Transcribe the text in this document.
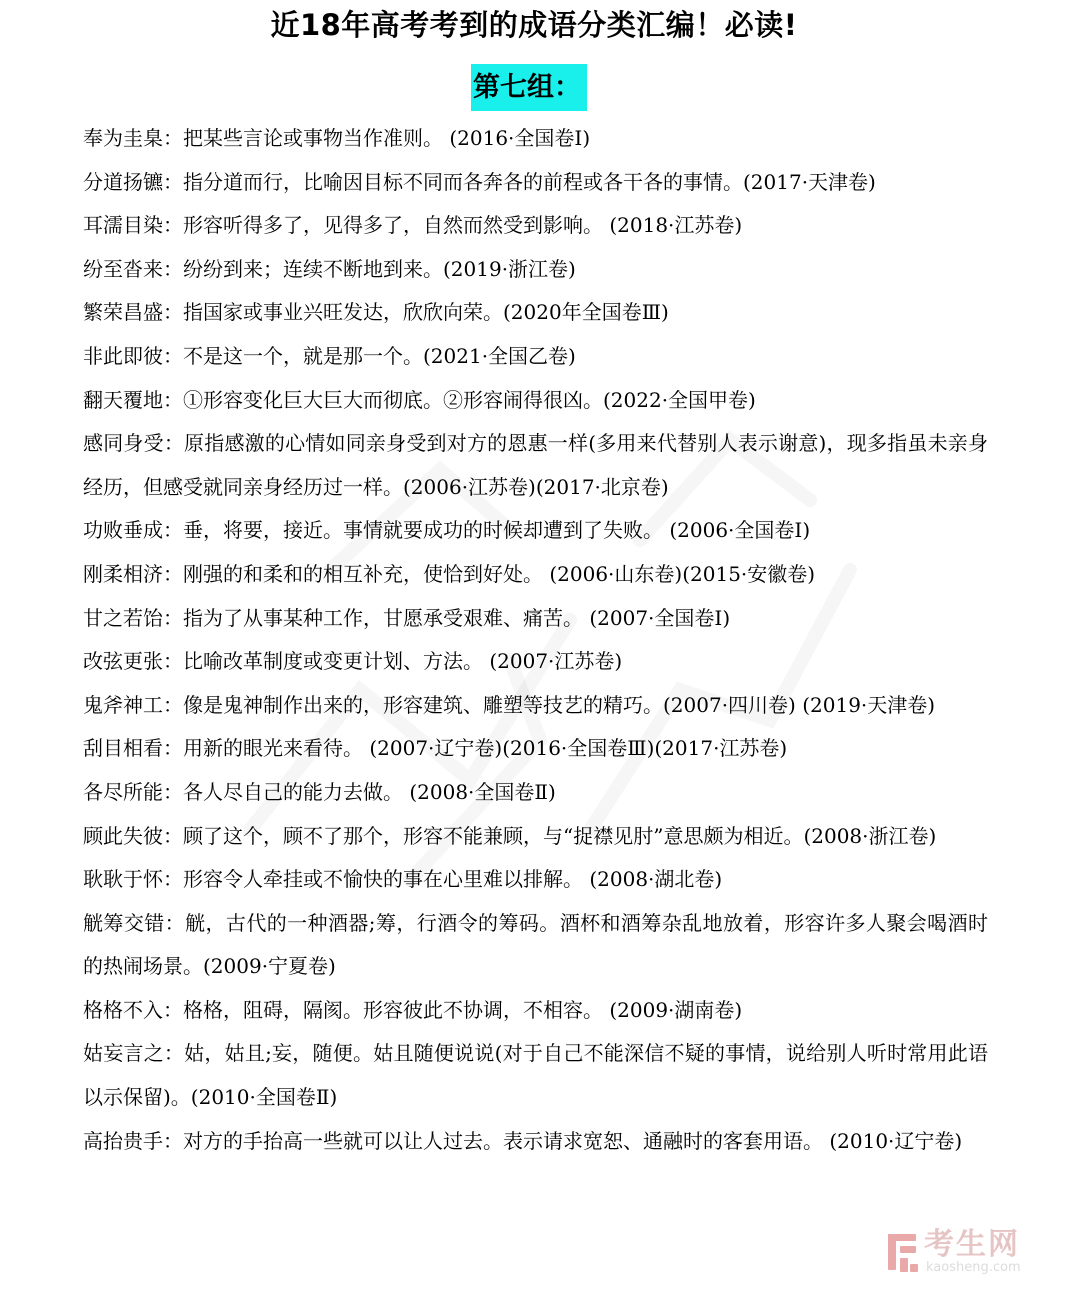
近18年高考考到的成语分类汇编！必读!
第七组：

奉为圭臬：把某些言论或事物当作准则。 (2016·全国卷Ⅰ)

分道扬镳：指分道而行，比喻因目标不同而各奔各的前程或各干各的事情。(2017·天津卷)

耳濡目染：形容听得多了，见得多了，自然而然受到影响。 (2018·江苏卷)

纷至沓来：纷纷到来；连续不断地到来。(2019·浙江卷)

繁荣昌盛：指国家或事业兴旺发达，欣欣向荣。(2020年全国卷Ⅲ)

非此即彼：不是这一个，就是那一个。(2021·全国乙卷)

翻天覆地：①形容变化巨大巨大而彻底。②形容闹得很凶。(2022·全国甲卷)

感同身受：原指感激的心情如同亲身受到对方的恩惠一样(多用来代替别人表示谢意)，现多指虽未亲身经历，但感受就同亲身经历过一样。(2006·江苏卷)(2017·北京卷)

功败垂成：垂，将要，接近。事情就要成功的时候却遭到了失败。 (2006·全国卷Ⅰ)

刚柔相济：刚强的和柔和的相互补充，使恰到好处。 (2006·山东卷)(2015·安徽卷)

甘之若饴：指为了从事某种工作，甘愿承受艰难、痛苦。 (2007·全国卷Ⅰ)

改弦更张：比喻改革制度或变更计划、方法。 (2007·江苏卷)

鬼斧神工：像是鬼神制作出来的，形容建筑、雕塑等技艺的精巧。(2007·四川卷) (2019·天津卷)

刮目相看：用新的眼光来看待。 (2007·辽宁卷)(2016·全国卷Ⅲ)(2017·江苏卷)

各尽所能：各人尽自己的能力去做。 (2008·全国卷Ⅱ)

顾此失彼：顾了这个，顾不了那个，形容不能兼顾，与“捉襟见肘”意思颇为相近。(2008·浙江卷)

耿耿于怀：形容令人牵挂或不愉快的事在心里难以排解。 (2008·湖北卷)

觥筹交错：觥，古代的一种酒器;筹，行酒令的筹码。酒杯和酒筹杂乱地放着，形容许多人聚会喝酒时的热闹场景。(2009·宁夏卷)

格格不入：格格，阻碍，隔阂。形容彼此不协调，不相容。 (2009·湖南卷)

姑妄言之：姑，姑且;妄，随便。姑且随便说说(对于自己不能深信不疑的事情，说给别人听时常用此语以示保留)。(2010·全国卷Ⅱ)

高抬贵手：对方的手抬高一些就可以让人过去。表示请求宽恕、通融时的客套用语。 (2010·辽宁卷)

考生网
kaosheng.com
